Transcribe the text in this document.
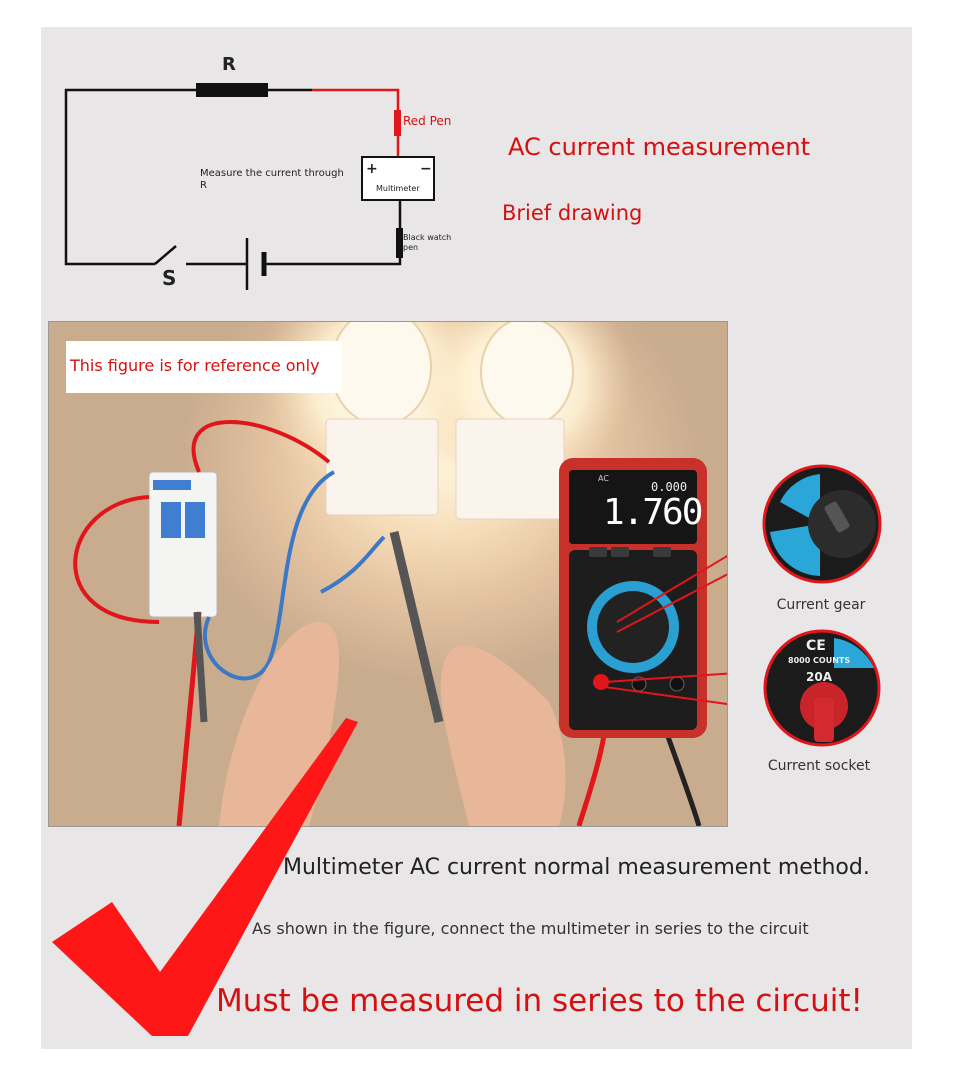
R
S
Red Pen
Black watch
pen
Measure the current through
R
+	−
Multimeter
AC current measurement
Brief drawing
This figure is for reference only
AC
0.000
1.760
Current gear
CE
8000 COUNTS
20A
Current socket
Multimeter AC current normal measurement method.
As shown in the figure, connect the multimeter in series to the circuit
Must be measured in series to the circuit!
